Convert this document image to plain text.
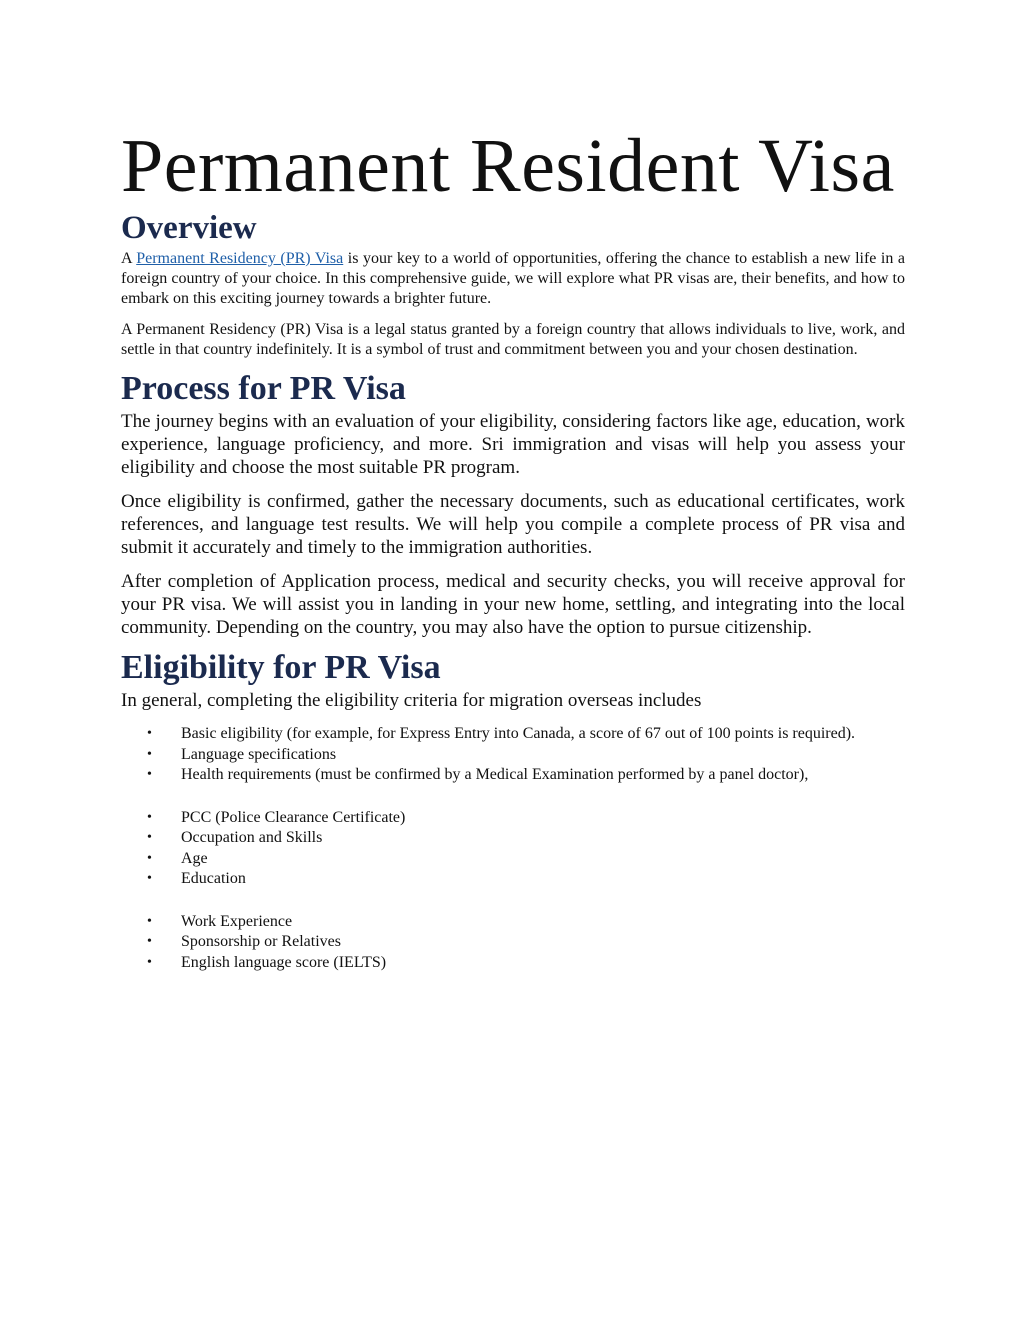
Permanent Resident Visa
Overview

A Permanent Residency (PR) Visa is your key to a world of opportunities, offering the chance to establish a new life in a foreign country of your choice. In this comprehensive guide, we will explore what PR visas are, their benefits, and how to embark on this exciting journey towards a brighter future.

A Permanent Residency (PR) Visa is a legal status granted by a foreign country that allows individuals to live, work, and settle in that country indefinitely. It is a symbol of trust and commitment between you and your chosen destination.

Process for PR Visa

The journey begins with an evaluation of your eligibility, considering factors like age, education, work experience, language proficiency, and more. Sri immigration and visas will help you assess your eligibility and choose the most suitable PR program.

Once eligibility is confirmed, gather the necessary documents, such as educational certificates, work references, and language test results. We will help you compile a complete process of PR visa and submit it accurately and timely to the immigration authorities.

After completion of Application process, medical and security checks, you will receive approval for your PR visa. We will assist you in landing in your new home, settling, and integrating into the local community. Depending on the country, you may also have the option to pursue citizenship.

Eligibility for PR Visa

In general, completing the eligibility criteria for migration overseas includes

• Basic eligibility (for example, for Express Entry into Canada, a score of 67 out of 100 points is required).
• Language specifications
• Health requirements (must be confirmed by a Medical Examination performed by a panel doctor),
• PCC (Police Clearance Certificate)
• Occupation and Skills
• Age
• Education
• Work Experience
• Sponsorship or Relatives
• English language score (IELTS)
